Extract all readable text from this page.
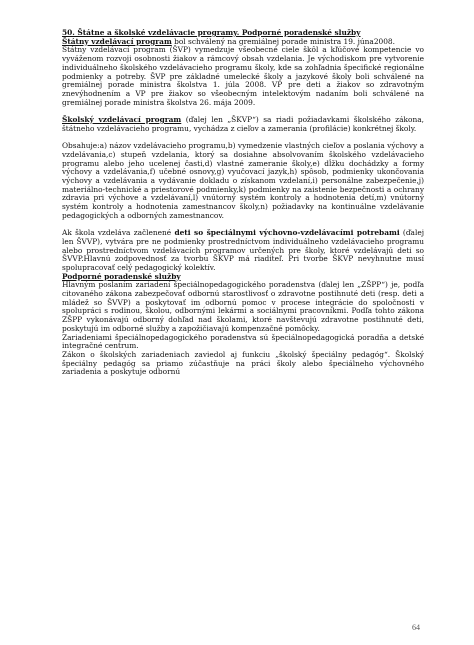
50. Štátne a školské vzdelávacie programy. Podporné poradenské služby

Štátny vzdelávací program bol schválený na gremiálnej porade ministra 19. júna2008.

Štátny vzdelávací program (ŠVP) vymedzuje všeobecné ciele škôl a kľúčové kompetencie vo vyváženom rozvoji osobnosti žiakov a rámcový obsah vzdelania. Je východiskom pre vytvorenie individuálneho školského vzdelávacieho programu školy, kde sa zohľadnia špecifické regionálne podmienky a potreby. ŠVP pre základné umelecké školy a jazykové školy boli schválené na gremiálnej porade ministra školstva 1. júla 2008. VP pre deti a žiakov so zdravotným znevýhodnením a VP pre žiakov so všeobecným intelektovým nadaním boli schválené na gremiálnej porade ministra školstva 26. mája 2009.

Školský vzdelávací program (ďalej len „ŠKVP“) sa riadi požiadavkami školského zákona, štátneho vzdelávacieho programu, vychádza z cieľov a zamerania (profilácie) konkrétnej školy.

Obsahuje:a) názov vzdelávacieho programu,b) vymedzenie vlastných cieľov a poslania výchovy a vzdelávania,c) stupeň vzdelania, ktorý sa dosiahne absolvovaním školského vzdelávacieho programu alebo jeho ucelenej časti,d) vlastné zameranie školy,e) dĺžku dochádzky a formy výchovy a vzdelávania,f) učebné osnovy,g) vyučovací jazyk,h) spôsob, podmienky ukončovania výchovy a vzdelávania a vydávanie dokladu o získanom vzdelaní,i) personálne zabezpečenie,j) materiálno-technické a priestorové podmienky,k) podmienky na zaistenie bezpečnosti a ochrany zdravia pri výchove a vzdelávaní,l) vnútorný systém kontroly a hodnotenia detí,m) vnútorný systém kontroly a hodnotenia zamestnancov školy,n) požiadavky na kontinuálne vzdelávanie pedagogických a odborných zamestnancov.

Ak škola vzdeláva začlenené deti so špeciálnymi výchovno-vzdelávacími potrebami (ďalej len ŠVVP), vytvára pre ne podmienky prostredníctvom individuálneho vzdelávacieho programu alebo prostredníctvom vzdelávacích programov určených pre školy, ktoré vzdelávajú deti so ŠVVP.Hlavnú zodpovednosť za tvorbu ŠKVP má riaditeľ. Pri tvorbe ŠKVP nevyhnutne musí spolupracovať celý pedagogický kolektív.

Podporné poradenské služby

Hlavným poslaním zariadení špeciálnopedagogického poradenstva (ďalej len „ZŠPP“) je, podľa citovaného zákona zabezpečovať odbornú starostlivosť o zdravotne postihnuté deti (resp. deti a mládež so ŠVVP) a poskytovať im odbornú pomoc v procese integrácie do spoločnosti v spolupráci s rodinou, školou, odbornými lekármi a sociálnymi pracovníkmi. Podľa tohto zákona ZŠPP vykonávajú odborný dohľad nad školami, ktoré navštevujú zdravotne postihnuté deti, poskytujú im odborné služby a zapožičiavajú kompenzačné pomôcky.

Zariadeniami špeciálnopedagogického poradenstva sú špeciálnopedagogická poradňa a detské integračné centrum.

Zákon o školských zariadeniach zaviedol aj funkciu „školský špeciálny pedagóg“. Školský špeciálny pedagóg sa priamo zúčastňuje na práci školy alebo špeciálneho výchovného zariadenia a poskytuje odbornú

64
